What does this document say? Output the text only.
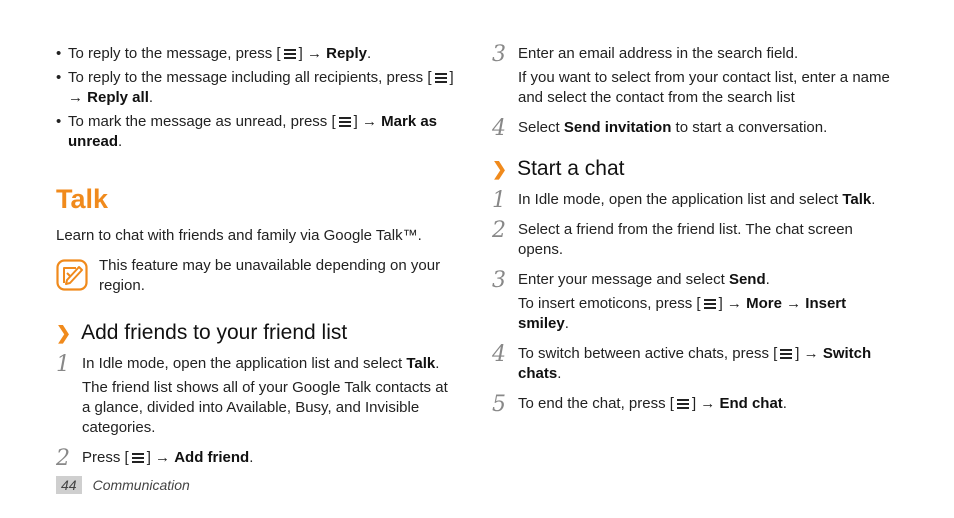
• To reply to the message, press [ ] → Reply.
• To reply to the message including all recipients, press [ ] → Reply all.
• To mark the message as unread, press [ ] → Mark as unread.
Talk
Learn to chat with friends and family via Google Talk™.
This feature may be unavailable depending on your region.
❯ Add friends to your friend list
1 In Idle mode, open the application list and select Talk.

The friend list shows all of your Google Talk contacts at a glance, divided into Available, Busy, and Invisible categories.

2 Press [ ] → Add friend.

3 Enter an email address in the search field.

If you want to select from your contact list, enter a name and select the contact from the search list

4 Select Send invitation to start a conversation.

❯ Start a chat
1 In Idle mode, open the application list and select Talk.

2 Select a friend from the friend list. The chat screen opens.

3 Enter your message and select Send.

To insert emoticons, press [ ] → More → Insert smiley.

4 To switch between active chats, press [ ] → Switch chats.

5 To end the chat, press [ ] → End chat.

44	Communication
